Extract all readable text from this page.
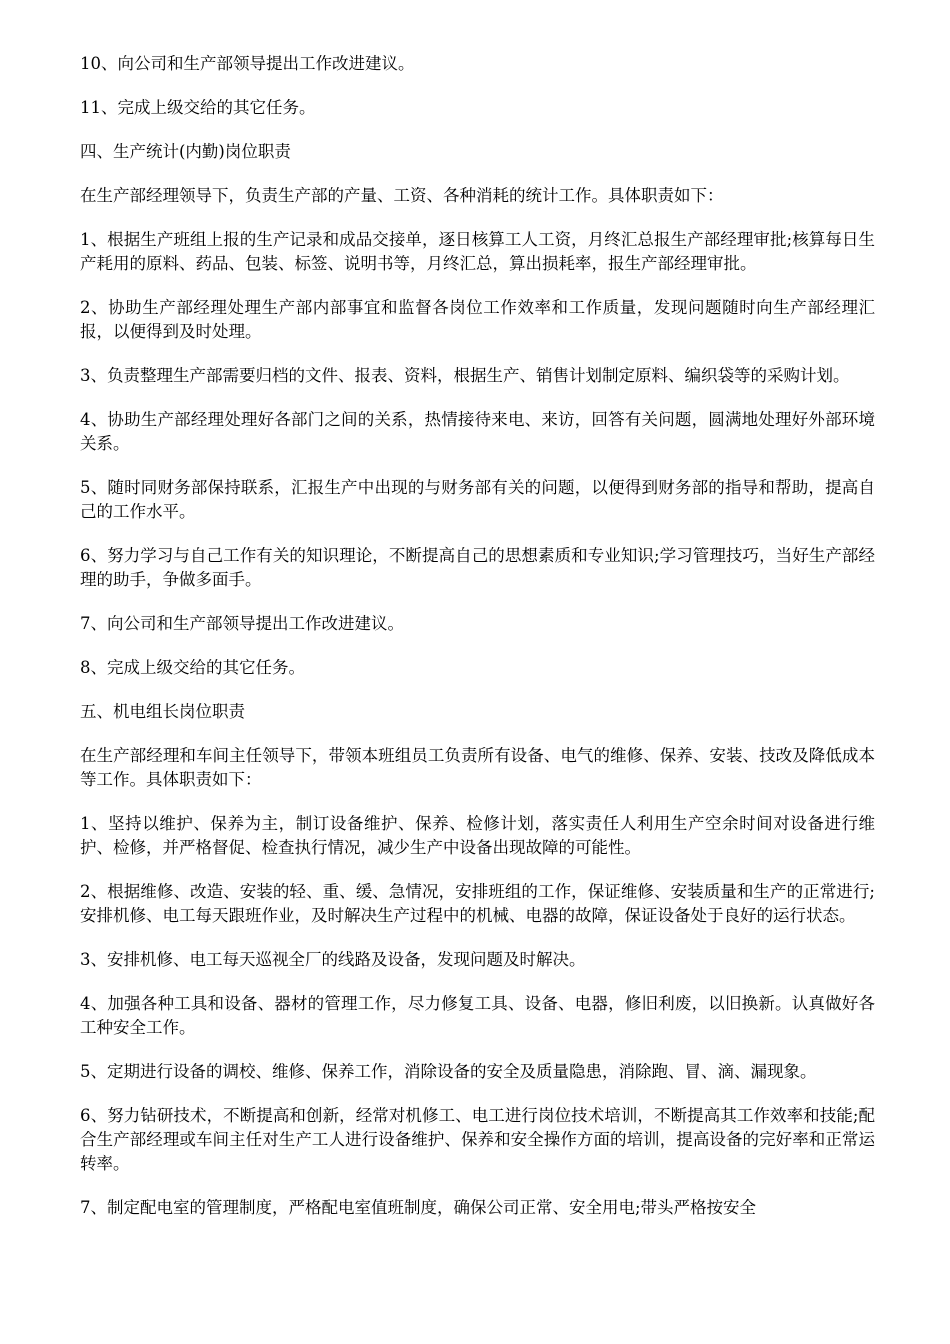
10、向公司和生产部领导提出工作改进建议。

11、完成上级交给的其它任务。

四、生产统计(内勤)岗位职责

在生产部经理领导下，负责生产部的产量、工资、各种消耗的统计工作。具体职责如下：

1、根据生产班组上报的生产记录和成品交接单，逐日核算工人工资，月终汇总报生产部经理审批;核算每日生产耗用的原料、药品、包装、标签、说明书等，月终汇总，算出损耗率，报生产部经理审批。

2、协助生产部经理处理生产部内部事宜和监督各岗位工作效率和工作质量，发现问题随时向生产部经理汇报，以便得到及时处理。

3、负责整理生产部需要归档的文件、报表、资料，根据生产、销售计划制定原料、编织袋等的采购计划。

4、协助生产部经理处理好各部门之间的关系，热情接待来电、来访，回答有关问题，圆满地处理好外部环境关系。

5、随时同财务部保持联系，汇报生产中出现的与财务部有关的问题，以便得到财务部的指导和帮助，提高自己的工作水平。

6、努力学习与自己工作有关的知识理论，不断提高自己的思想素质和专业知识;学习管理技巧，当好生产部经理的助手，争做多面手。

7、向公司和生产部领导提出工作改进建议。

8、完成上级交给的其它任务。

五、机电组长岗位职责

在生产部经理和车间主任领导下，带领本班组员工负责所有设备、电气的维修、保养、安装、技改及降低成本等工作。具体职责如下：

1、坚持以维护、保养为主，制订设备维护、保养、检修计划，落实责任人利用生产空余时间对设备进行维护、检修，并严格督促、检查执行情况，减少生产中设备出现故障的可能性。

2、根据维修、改造、安装的轻、重、缓、急情况，安排班组的工作，保证维修、安装质量和生产的正常进行;安排机修、电工每天跟班作业，及时解决生产过程中的机械、电器的故障，保证设备处于良好的运行状态。

3、安排机修、电工每天巡视全厂的线路及设备，发现问题及时解决。

4、加强各种工具和设备、器材的管理工作，尽力修复工具、设备、电器，修旧利废，以旧换新。认真做好各工种安全工作。

5、定期进行设备的调校、维修、保养工作，消除设备的安全及质量隐患，消除跑、冒、滴、漏现象。

6、努力钻研技术，不断提高和创新，经常对机修工、电工进行岗位技术培训，不断提高其工作效率和技能;配合生产部经理或车间主任对生产工人进行设备维护、保养和安全操作方面的培训，提高设备的完好率和正常运转率。

7、制定配电室的管理制度，严格配电室值班制度，确保公司正常、安全用电;带头严格按安全
